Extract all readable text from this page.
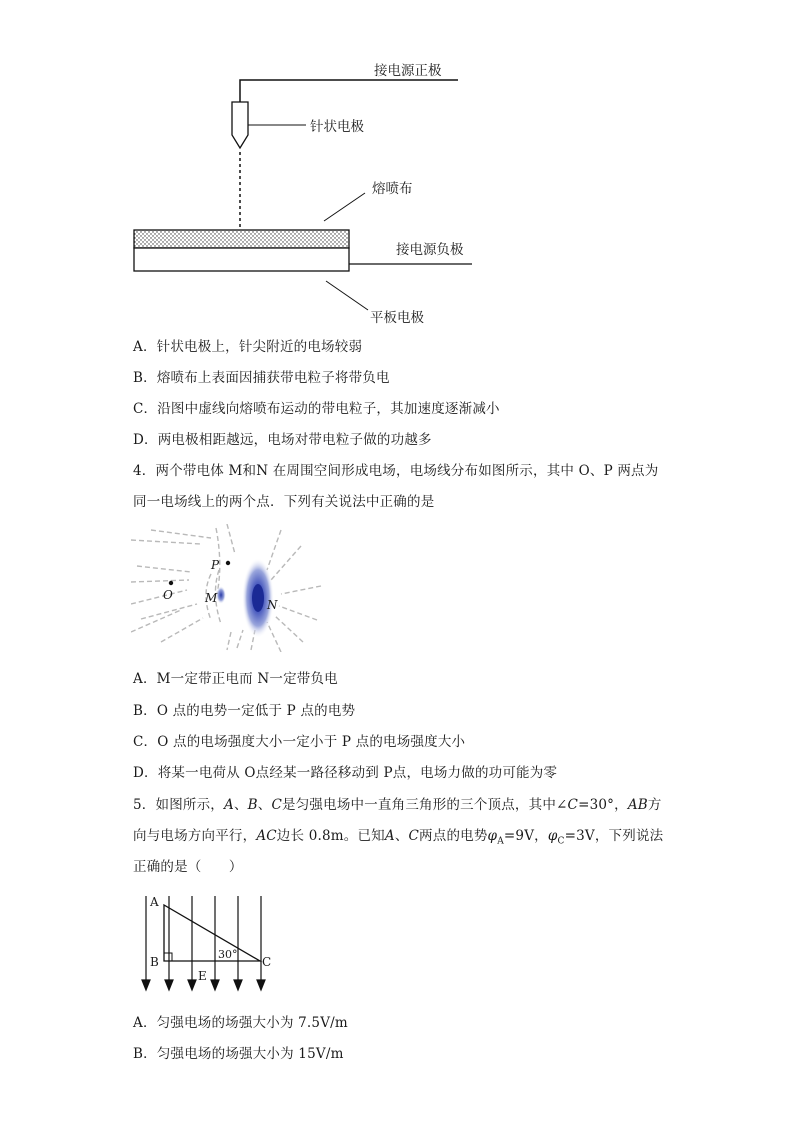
接电源正极
针状电极
熔喷布
接电源负极
平板电极
A．针状电极上，针尖附近的电场较弱
B．熔喷布上表面因捕获带电粒子将带负电
C．沿图中虚线向熔喷布运动的带电粒子，其加速度逐渐减小
D．两电极相距越远，电场对带电粒子做的功越多
4．两个带电体 M和N 在周围空间形成电场，电场线分布如图所示，其中 O、P 两点为
同一电场线上的两个点．下列有关说法中正确的是
P
O	M	N
A．M一定带正电而 N一定带负电
B．O 点的电势一定低于 P 点的电势
C．O 点的电场强度大小一定小于 P 点的电场强度大小
D．将某一电荷从 O点经某一路径移动到 P点，电场力做的功可能为零
5．如图所示，A、B、C是匀强电场中一直角三角形的三个顶点，其中∠C=30°，AB方
向与电场方向平行，AC边长 0.8m。已知A、C两点的电势$\varphi_A=9V$，$\varphi_C=3V$，下列说法
正确的是（　　）
A
B	C
30°
E
A．匀强电场的场强大小为 7.5V/m
B．匀强电场的场强大小为 15V/m
